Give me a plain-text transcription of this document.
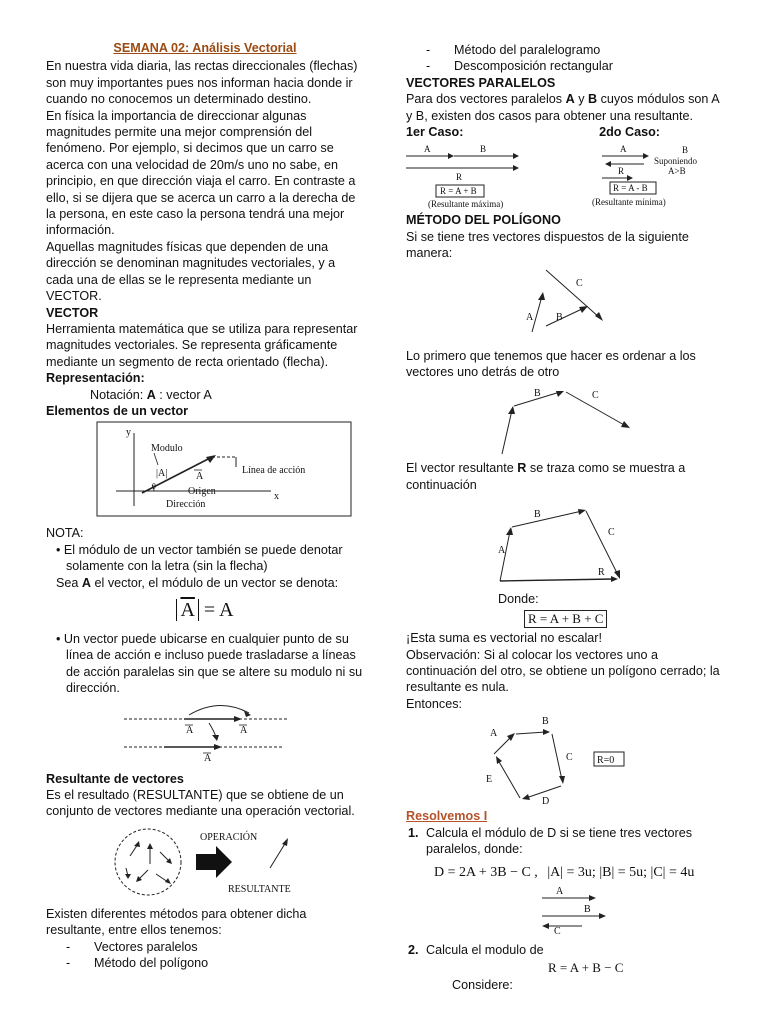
SEMANA 02: Análisis Vectorial

En nuestra vida diaria, las rectas direccionales (flechas) son muy importantes pues nos informan hacia donde ir cuando no conocemos un determinado destino.

En física la importancia de direccionar algunas magnitudes permite una mejor comprensión del fenómeno. Por ejemplo, si decimos que un carro se acerca con una velocidad de 20m/s uno no sabe, en principio, en que dirección viaja el carro. En contraste a ello, si se dijera que se acerca un carro a la derecha de la persona, en este caso la persona tendrá una mejor información.

Aquellas magnitudes físicas que dependen de una dirección se denominan magnitudes vectoriales, y a cada una de ellas se le representa mediante un VECTOR.

VECTOR

Herramienta matemática que se utiliza para representar magnitudes vectoriales. Se representa gráficamente mediante un segmento de recta orientado (flecha).

Representación:

Notación: A : vector A

Elementos de un vector

y
x
Modulo
|A|	A
Línea de acción
Origen
Dirección
θ

NOTA:

• El módulo de un vector también se puede denotar solamente con la letra (sin la flecha)

Sea A el vector, el módulo de un vector se denota:

$\overline{A} = A$

• Un vector puede ubicarse en cualquier punto de su línea de acción e incluso puede trasladarse a líneas de acción paralelas sin que se altere su modulo ni su dirección.

A	A
A

Resultante de vectores

Es el resultado (RESULTANTE) que se obtiene de un conjunto de vectores mediante una operación vectorial.

OPERACIÓN
RESULTANTE

Existen diferentes métodos para obtener dicha resultante, entre ellos tenemos:

- Vectores paralelos
- Método del polígono
- Método del paralelogramo
- Descomposición rectangular

VECTORES PARALELOS

Para dos vectores paralelos A y B cuyos módulos son A y B, existen dos casos para obtener una resultante.

1er Caso:	2do Caso:
A	B
R
R = A + B
(Resultante máxima)
A	B
Suponiendo
A>B
R
R = A - B
(Resultante mínima)

MÉTODO DEL POLÍGONO

Si se tiene tres vectores dispuestos de la siguiente manera:

A B
C

Lo primero que tenemos que hacer es ordenar a los vectores uno detrás de otro

B	C

El vector resultante R se traza como se muestra a continuación

A
B
C
R

Donde:

R = A + B + C

¡Esta suma es vectorial no escalar!

Observación: Si al colocar los vectores uno a continuación del otro, se obtiene un polígono cerrado; la resultante es nula.

Entonces:

A
B
C
D
E
R=0

Resolvemos I

1. Calcula el módulo de D si se tiene tres vectores paralelos, donde:
D = 2A + 3B − C , |A| = 3u; |B| = 5u; |C| = 4u
A
B
C
2. Calcula el modulo de
R = A + B − C

Considere:
